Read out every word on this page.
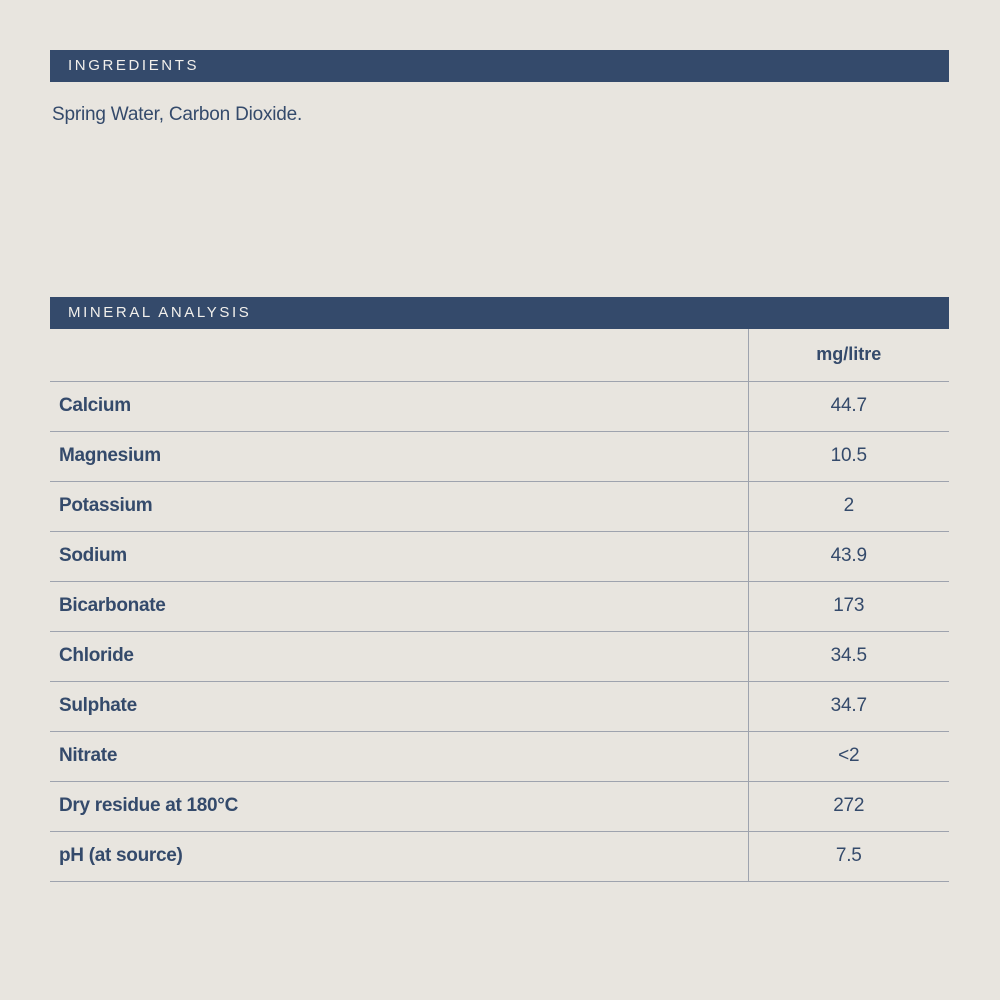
INGREDIENTS
Spring Water, Carbon Dioxide.
MINERAL ANALYSIS
	mg/litre
Calcium	44.7
Magnesium	10.5
Potassium	2
Sodium	43.9
Bicarbonate	173
Chloride	34.5
Sulphate	34.7
Nitrate	<2
Dry residue at 180°C	272
pH (at source)	7.5
